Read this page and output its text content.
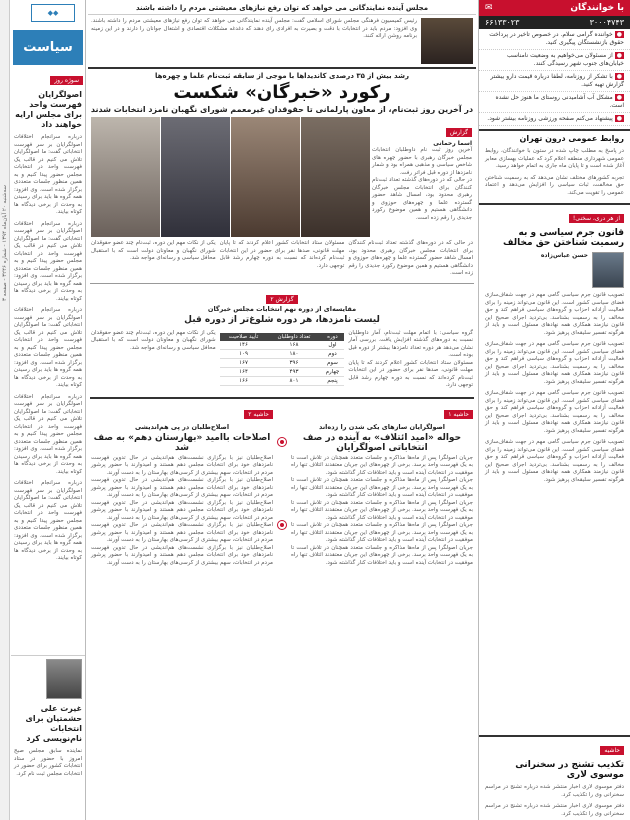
با خوانندگان
✉
۳۰۰۰۴۷۴۳
۶۶۱۳۳۰۲۳
●خواننده گرامی سلام. در خصوص تاخیر در پرداخت حقوق بازنشستگان پیگیری کنید.
●از مسئولان می‌خواهیم به وضعیت نامناسب خیابان‌های جنوب شهر رسیدگی کنند.
●با تشکر از روزنامه، لطفا درباره قیمت دارو بیشتر گزارش تهیه کنید.
●مشکل آب آشامیدنی روستای ما هنوز حل نشده است.
●پیشنهاد می‌کنم صفحه ورزشی روزنامه بیشتر شود.
روابط عمومی درون تهران
در پاسخ به مطلب چاپ شده در ستون با خوانندگان، روابط عمومی شهرداری منطقه اعلام کرد که عملیات بهسازی معابر آغاز شده است و تا پایان ماه جاری به اتمام خواهد رسید.
تجربه کشورهای مختلف نشان می‌دهد که به رسمیت شناختن حق مخالفت، ثبات سیاسی را افزایش می‌دهد و اعتماد عمومی را تقویت می‌کند.
از هر دری، سخنی!
قانون جرم سیاسی و به رسمیت شناختن حق مخالف
حسن عباس‌زاده
تصویب قانون جرم سیاسی گامی مهم در جهت شفاف‌سازی فضای سیاسی کشور است. این قانون می‌تواند زمینه را برای فعالیت آزادانه احزاب و گروه‌های سیاسی فراهم کند و حق مخالف را به رسمیت بشناسد. بی‌تردید اجرای صحیح این قانون نیازمند همکاری همه نهادهای مسئول است و باید از هرگونه تفسیر سلیقه‌ای پرهیز شود.
تصویب قانون جرم سیاسی گامی مهم در جهت شفاف‌سازی فضای سیاسی کشور است. این قانون می‌تواند زمینه را برای فعالیت آزادانه احزاب و گروه‌های سیاسی فراهم کند و حق مخالف را به رسمیت بشناسد. بی‌تردید اجرای صحیح این قانون نیازمند همکاری همه نهادهای مسئول است و باید از هرگونه تفسیر سلیقه‌ای پرهیز شود.
تصویب قانون جرم سیاسی گامی مهم در جهت شفاف‌سازی فضای سیاسی کشور است. این قانون می‌تواند زمینه را برای فعالیت آزادانه احزاب و گروه‌های سیاسی فراهم کند و حق مخالف را به رسمیت بشناسد. بی‌تردید اجرای صحیح این قانون نیازمند همکاری همه نهادهای مسئول است و باید از هرگونه تفسیر سلیقه‌ای پرهیز شود.
تصویب قانون جرم سیاسی گامی مهم در جهت شفاف‌سازی فضای سیاسی کشور است. این قانون می‌تواند زمینه را برای فعالیت آزادانه احزاب و گروه‌های سیاسی فراهم کند و حق مخالف را به رسمیت بشناسد. بی‌تردید اجرای صحیح این قانون نیازمند همکاری همه نهادهای مسئول است و باید از هرگونه تفسیر سلیقه‌ای پرهیز شود.
حاشیه
تکذیب تشنج در سخنرانی موسوی لاری
دفتر موسوی لاری اخبار منتشر شده درباره تشنج در مراسم سخنرانی وی را تکذیب کرد.
دفتر موسوی لاری اخبار منتشر شده درباره تشنج در مراسم سخنرانی وی را تکذیب کرد.
سه‌شنبه ۲۰ آبان‌ماه ۱۳۹۴ - شماره ۳۲۴۶ - صفحه ۳
◆◆
سیاست
سوژه روز
اصولگرایان فهرست واحد برای مجلس ارایه خواهند داد
درباره سرانجام اختلافات اصولگرایان بر سر فهرست انتخاباتی گفت: ما اصولگرایان تلاش می کنیم در قالب یک فهرست واحد در انتخابات مجلس حضور پیدا کنیم و به همین منظور جلسات متعددی برگزار شده است. وی افزود: همه گروه ها باید برای رسیدن به وحدت از برخی دیدگاه ها کوتاه بیایند.
درباره سرانجام اختلافات اصولگرایان بر سر فهرست انتخاباتی گفت: ما اصولگرایان تلاش می کنیم در قالب یک فهرست واحد در انتخابات مجلس حضور پیدا کنیم و به همین منظور جلسات متعددی برگزار شده است. وی افزود: همه گروه ها باید برای رسیدن به وحدت از برخی دیدگاه ها کوتاه بیایند.
درباره سرانجام اختلافات اصولگرایان بر سر فهرست انتخاباتی گفت: ما اصولگرایان تلاش می کنیم در قالب یک فهرست واحد در انتخابات مجلس حضور پیدا کنیم و به همین منظور جلسات متعددی برگزار شده است. وی افزود: همه گروه ها باید برای رسیدن به وحدت از برخی دیدگاه ها کوتاه بیایند.
درباره سرانجام اختلافات اصولگرایان بر سر فهرست انتخاباتی گفت: ما اصولگرایان تلاش می کنیم در قالب یک فهرست واحد در انتخابات مجلس حضور پیدا کنیم و به همین منظور جلسات متعددی برگزار شده است. وی افزود: همه گروه ها باید برای رسیدن به وحدت از برخی دیدگاه ها کوتاه بیایند.
درباره سرانجام اختلافات اصولگرایان بر سر فهرست انتخاباتی گفت: ما اصولگرایان تلاش می کنیم در قالب یک فهرست واحد در انتخابات مجلس حضور پیدا کنیم و به همین منظور جلسات متعددی برگزار شده است. وی افزود: همه گروه ها باید برای رسیدن به وحدت از برخی دیدگاه ها کوتاه بیایند.
غیرت علی حشمتیان برای انتخابات نام‌نویسی کرد
نماینده سابق مجلس صبح امروز با حضور در ستاد انتخابات کشور برای حضور در انتخابات مجلس ثبت نام کرد.
مجلس آینده نمایندگانی می خواهد که توان رفع نیازهای معیشتی مردم را داشته باشند
رئیس کمیسیون فرهنگی مجلس شورای اسلامی گفت: مجلس آینده نمایندگانی می خواهد که توان رفع نیازهای معیشتی مردم را داشته باشند. وی افزود: مردم باید در انتخابات با دقت و بصیرت به افرادی رای دهند که دغدغه مشکلات اقتصادی و اشتغال جوانان را دارند و در این زمینه برنامه روشن ارائه کنند.
رشد بیش از ۳۵ درصدی کاندیداها با موجی از سابقه ثبت‌نام علما و چهره‌ها
رکورد «خبرگان» شکست
در آخرین روز ثبت‌نام، از معاون پارلمانی تا حقوقدان غیرمعمم شورای نگهبان نامزد انتخابات شدند
گزارش
اسما رحمانی
آخرین روز ثبت نام داوطلبان انتخابات مجلس خبرگان رهبری با حضور چهره های شاخص سیاسی و مذهبی همراه بود و شمار نامزدها از دوره قبل فراتر رفت.
در حالی که در دوره‌های گذشته تعداد ثبت‌نام کنندگان برای انتخابات مجلس خبرگان رهبری محدود بود، امسال شاهد حضور گسترده علما و چهره‌های حوزوی و دانشگاهی هستیم و همین موضوع رکورد جدیدی را رقم زده است.
در حالی که در دوره‌های گذشته تعداد ثبت‌نام کنندگان برای انتخابات مجلس خبرگان رهبری محدود بود، امسال شاهد حضور گسترده علما و چهره‌های حوزوی و دانشگاهی هستیم و همین موضوع رکورد جدیدی را رقم زده است.
مسئولان ستاد انتخابات کشور اعلام کردند که تا پایان مهلت قانونی، صدها نفر برای حضور در این انتخابات ثبت‌نام کرده‌اند که نسبت به دوره چهارم رشد قابل توجهی دارد.
یکی از نکات مهم این دوره، ثبت‌نام چند عضو حقوقدان شورای نگهبان و معاونان دولت است که با استقبال محافل سیاسی و رسانه‌ای مواجه شد.
گزارش ۲
مقایسه‌ای از دوره نهم انتخابات مجلس خبرگان
لیست نامزدها، هر دوره شلوغ‌تر از دوره قبل
گروه سیاسی: با اتمام مهلت ثبت‌نام، آمار داوطلبان نسبت به دوره‌های گذشته افزایش یافت. بررسی آمار نشان می‌دهد هر دوره تعداد نامزدها بیشتر از دوره قبل بوده است.
مسئولان ستاد انتخابات کشور اعلام کردند که تا پایان مهلت قانونی، صدها نفر برای حضور در این انتخابات ثبت‌نام کرده‌اند که نسبت به دوره چهارم رشد قابل توجهی دارد.
دوره	تعداد داوطلبان	تأیید صلاحیت
اول	۱۶۸	۱۴۶
دوم	۱۸۰	۱۰۹
سوم	۳۹۶	۱۶۷
چهارم	۴۹۳	۱۶۴
پنجم	۸۰۱	۱۶۶
یکی از نکات مهم این دوره، ثبت‌نام چند عضو حقوقدان شورای نگهبان و معاونان دولت است که با استقبال محافل سیاسی و رسانه‌ای مواجه شد.
حاشیه ۱
اصولگرایان سازهای یکی شدن را زده‌اند
حواله «امید ائتلاف» به آینده در صف انتخاباتی اصولگرایان
جریان اصولگرا پس از ماه‌ها مذاکره و جلسات متعدد همچنان در تلاش است تا به یک فهرست واحد برسد. برخی از چهره‌های این جریان معتقدند ائتلاف تنها راه موفقیت در انتخابات آینده است و باید اختلافات کنار گذاشته شود.
جریان اصولگرا پس از ماه‌ها مذاکره و جلسات متعدد همچنان در تلاش است تا به یک فهرست واحد برسد. برخی از چهره‌های این جریان معتقدند ائتلاف تنها راه موفقیت در انتخابات آینده است و باید اختلافات کنار گذاشته شود.
جریان اصولگرا پس از ماه‌ها مذاکره و جلسات متعدد همچنان در تلاش است تا به یک فهرست واحد برسد. برخی از چهره‌های این جریان معتقدند ائتلاف تنها راه موفقیت در انتخابات آینده است و باید اختلافات کنار گذاشته شود.
جریان اصولگرا پس از ماه‌ها مذاکره و جلسات متعدد همچنان در تلاش است تا به یک فهرست واحد برسد. برخی از چهره‌های این جریان معتقدند ائتلاف تنها راه موفقیت در انتخابات آینده است و باید اختلافات کنار گذاشته شود.
جریان اصولگرا پس از ماه‌ها مذاکره و جلسات متعدد همچنان در تلاش است تا به یک فهرست واحد برسد. برخی از چهره‌های این جریان معتقدند ائتلاف تنها راه موفقیت در انتخابات آینده است و باید اختلافات کنار گذاشته شود.
حاشیه ۲
اصلاح‌طلبان در پی هم‌اندیشی
اصلاحات باامید «بهارستان دهم» به صف شد
اصلاح‌طلبان نیز با برگزاری نشست‌های هم‌اندیشی در حال تدوین فهرست نامزدهای خود برای انتخابات مجلس دهم هستند و امیدوارند با حضور پرشور مردم در انتخابات، سهم بیشتری از کرسی‌های بهارستان را به دست آورند.
اصلاح‌طلبان نیز با برگزاری نشست‌های هم‌اندیشی در حال تدوین فهرست نامزدهای خود برای انتخابات مجلس دهم هستند و امیدوارند با حضور پرشور مردم در انتخابات، سهم بیشتری از کرسی‌های بهارستان را به دست آورند.
اصلاح‌طلبان نیز با برگزاری نشست‌های هم‌اندیشی در حال تدوین فهرست نامزدهای خود برای انتخابات مجلس دهم هستند و امیدوارند با حضور پرشور مردم در انتخابات، سهم بیشتری از کرسی‌های بهارستان را به دست آورند.
اصلاح‌طلبان نیز با برگزاری نشست‌های هم‌اندیشی در حال تدوین فهرست نامزدهای خود برای انتخابات مجلس دهم هستند و امیدوارند با حضور پرشور مردم در انتخابات، سهم بیشتری از کرسی‌های بهارستان را به دست آورند.
اصلاح‌طلبان نیز با برگزاری نشست‌های هم‌اندیشی در حال تدوین فهرست نامزدهای خود برای انتخابات مجلس دهم هستند و امیدوارند با حضور پرشور مردم در انتخابات، سهم بیشتری از کرسی‌های بهارستان را به دست آورند.
